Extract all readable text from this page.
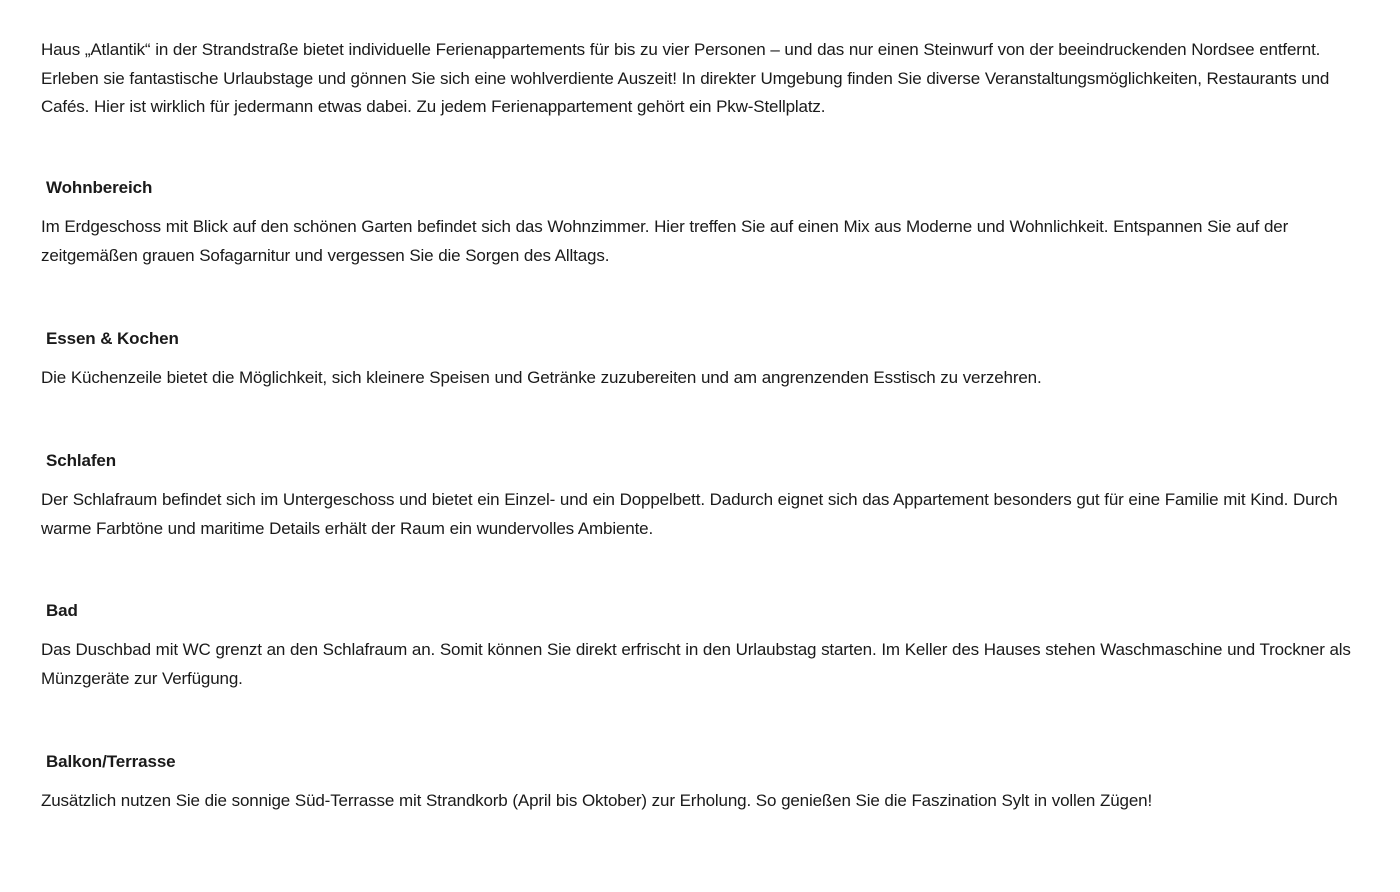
Haus „Atlantik“ in der Strandstraße bietet individuelle Ferienappartements für bis zu vier Personen – und das nur einen Steinwurf von der beeindruckenden Nordsee entfernt. Erleben sie fantastische Urlaubstage und gönnen Sie sich eine wohlverdiente Auszeit! In direkter Umgebung finden Sie diverse Veranstaltungsmöglichkeiten, Restaurants und Cafés. Hier ist wirklich für jedermann etwas dabei. Zu jedem Ferienappartement gehört ein Pkw-Stellplatz.

Wohnbereich

Im Erdgeschoss mit Blick auf den schönen Garten befindet sich das Wohnzimmer. Hier treffen Sie auf einen Mix aus Moderne und Wohnlichkeit. Entspannen Sie auf der zeitgemäßen grauen Sofagarnitur und vergessen Sie die Sorgen des Alltags.

Essen & Kochen

Die Küchenzeile bietet die Möglichkeit, sich kleinere Speisen und Getränke zuzubereiten und am angrenzenden Esstisch zu verzehren.

Schlafen

Der Schlafraum befindet sich im Untergeschoss und bietet ein Einzel- und ein Doppelbett. Dadurch eignet sich das Appartement besonders gut für eine Familie mit Kind. Durch warme Farbtöne und maritime Details erhält der Raum ein wundervolles Ambiente.

Bad

Das Duschbad mit WC grenzt an den Schlafraum an. Somit können Sie direkt erfrischt in den Urlaubstag starten. Im Keller des Hauses stehen Waschmaschine und Trockner als Münzgeräte zur Verfügung.

Balkon/Terrasse

Zusätzlich nutzen Sie die sonnige Süd-Terrasse mit Strandkorb (April bis Oktober) zur Erholung. So genießen Sie die Faszination Sylt in vollen Zügen!
